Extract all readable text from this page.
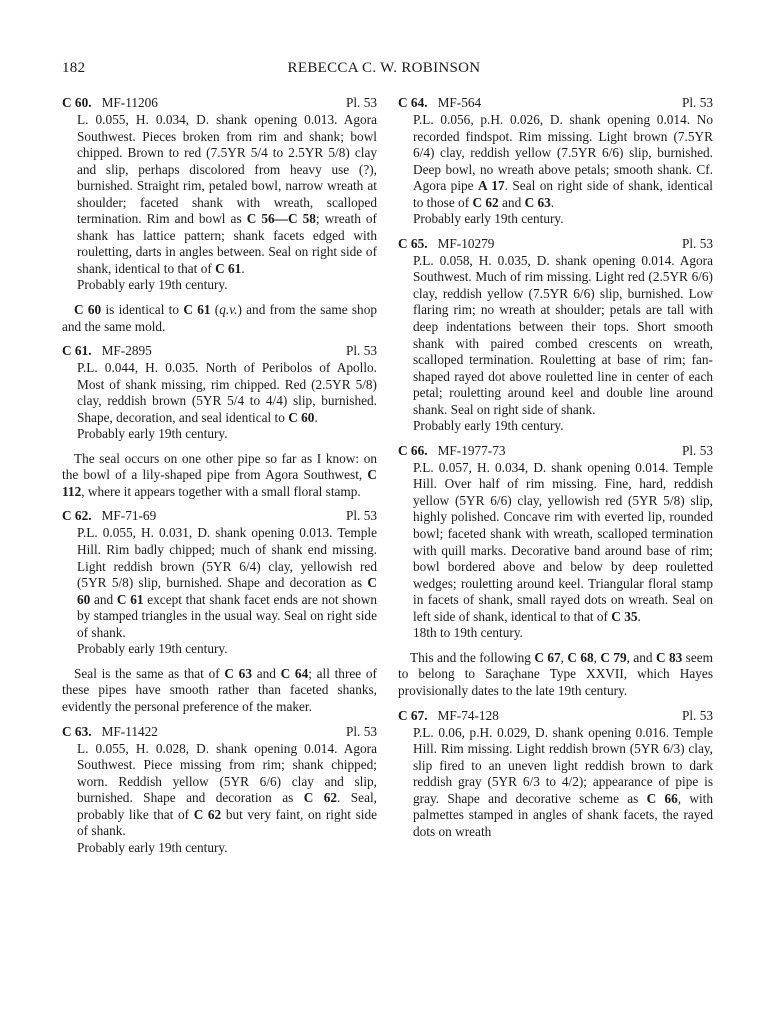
182	REBECCA C. W. ROBINSON
C 60. MF-11206	Pl. 53
L. 0.055, H. 0.034, D. shank opening 0.013. Agora Southwest. Pieces broken from rim and shank; bowl chipped. Brown to red (7.5YR 5/4 to 2.5YR 5/8) clay and slip, perhaps discolored from heavy use (?), burnished. Straight rim, petaled bowl, narrow wreath at shoulder; faceted shank with wreath, scalloped termination. Rim and bowl as C 56—C 58; wreath of shank has lattice pattern; shank facets edged with rouletting, darts in angles between. Seal on right side of shank, identical to that of C 61.
Probably early 19th century.

C 60 is identical to C 61 (q.v.) and from the same shop and the same mold.

C 61. MF-2895	Pl. 53
P.L. 0.044, H. 0.035. North of Peribolos of Apollo. Most of shank missing, rim chipped. Red (2.5YR 5/8) clay, reddish brown (5YR 5/4 to 4/4) slip, burnished. Shape, decoration, and seal identical to C 60.
Probably early 19th century.

The seal occurs on one other pipe so far as I know: on the bowl of a lily-shaped pipe from Agora Southwest, C 112, where it appears together with a small floral stamp.

C 62. MF-71-69	Pl. 53
P.L. 0.055, H. 0.031, D. shank opening 0.013. Temple Hill. Rim badly chipped; much of shank end missing. Light reddish brown (5YR 6/4) clay, yellowish red (5YR 5/8) slip, burnished. Shape and decoration as C 60 and C 61 except that shank facet ends are not shown by stamped triangles in the usual way. Seal on right side of shank.
Probably early 19th century.

Seal is the same as that of C 63 and C 64; all three of these pipes have smooth rather than faceted shanks, evidently the personal preference of the maker.

C 63. MF-11422	Pl. 53
L. 0.055, H. 0.028, D. shank opening 0.014. Agora Southwest. Piece missing from rim; shank chipped; worn. Reddish yellow (5YR 6/6) clay and slip, burnished. Shape and decoration as C 62. Seal, probably like that of C 62 but very faint, on right side of shank.
Probably early 19th century.
C 64. MF-564	Pl. 53
P.L. 0.056, p.H. 0.026, D. shank opening 0.014. No recorded findspot. Rim missing. Light brown (7.5YR 6/4) clay, reddish yellow (7.5YR 6/6) slip, burnished. Deep bowl, no wreath above petals; smooth shank. Cf. Agora pipe A 17. Seal on right side of shank, identical to those of C 62 and C 63.
Probably early 19th century.
C 65. MF-10279	Pl. 53
P.L. 0.058, H. 0.035, D. shank opening 0.014. Agora Southwest. Much of rim missing. Light red (2.5YR 6/6) clay, reddish yellow (7.5YR 6/6) slip, burnished. Low flaring rim; no wreath at shoulder; petals are tall with deep indentations between their tops. Short smooth shank with paired combed crescents on wreath, scalloped termination. Rouletting at base of rim; fan-shaped rayed dot above rouletted line in center of each petal; rouletting around keel and double line around shank. Seal on right side of shank.
Probably early 19th century.
C 66. MF-1977-73	Pl. 53
P.L. 0.057, H. 0.034, D. shank opening 0.014. Temple Hill. Over half of rim missing. Fine, hard, reddish yellow (5YR 6/6) clay, yellowish red (5YR 5/8) slip, highly polished. Concave rim with everted lip, rounded bowl; faceted shank with wreath, scalloped termination with quill marks. Decorative band around base of rim; bowl bordered above and below by deep rouletted wedges; rouletting around keel. Triangular floral stamp in facets of shank, small rayed dots on wreath. Seal on left side of shank, identical to that of C 35.
18th to 19th century.

This and the following C 67, C 68, C 79, and C 83 seem to belong to Saraçhane Type XXVII, which Hayes provisionally dates to the late 19th century.

C 67. MF-74-128	Pl. 53
P.L. 0.06, p.H. 0.029, D. shank opening 0.016. Temple Hill. Rim missing. Light reddish brown (5YR 6/3) clay, slip fired to an uneven light reddish brown to dark reddish gray (5YR 6/3 to 4/2); appearance of pipe is gray. Shape and decorative scheme as C 66, with palmettes stamped in angles of shank facets, the rayed dots on wreath
